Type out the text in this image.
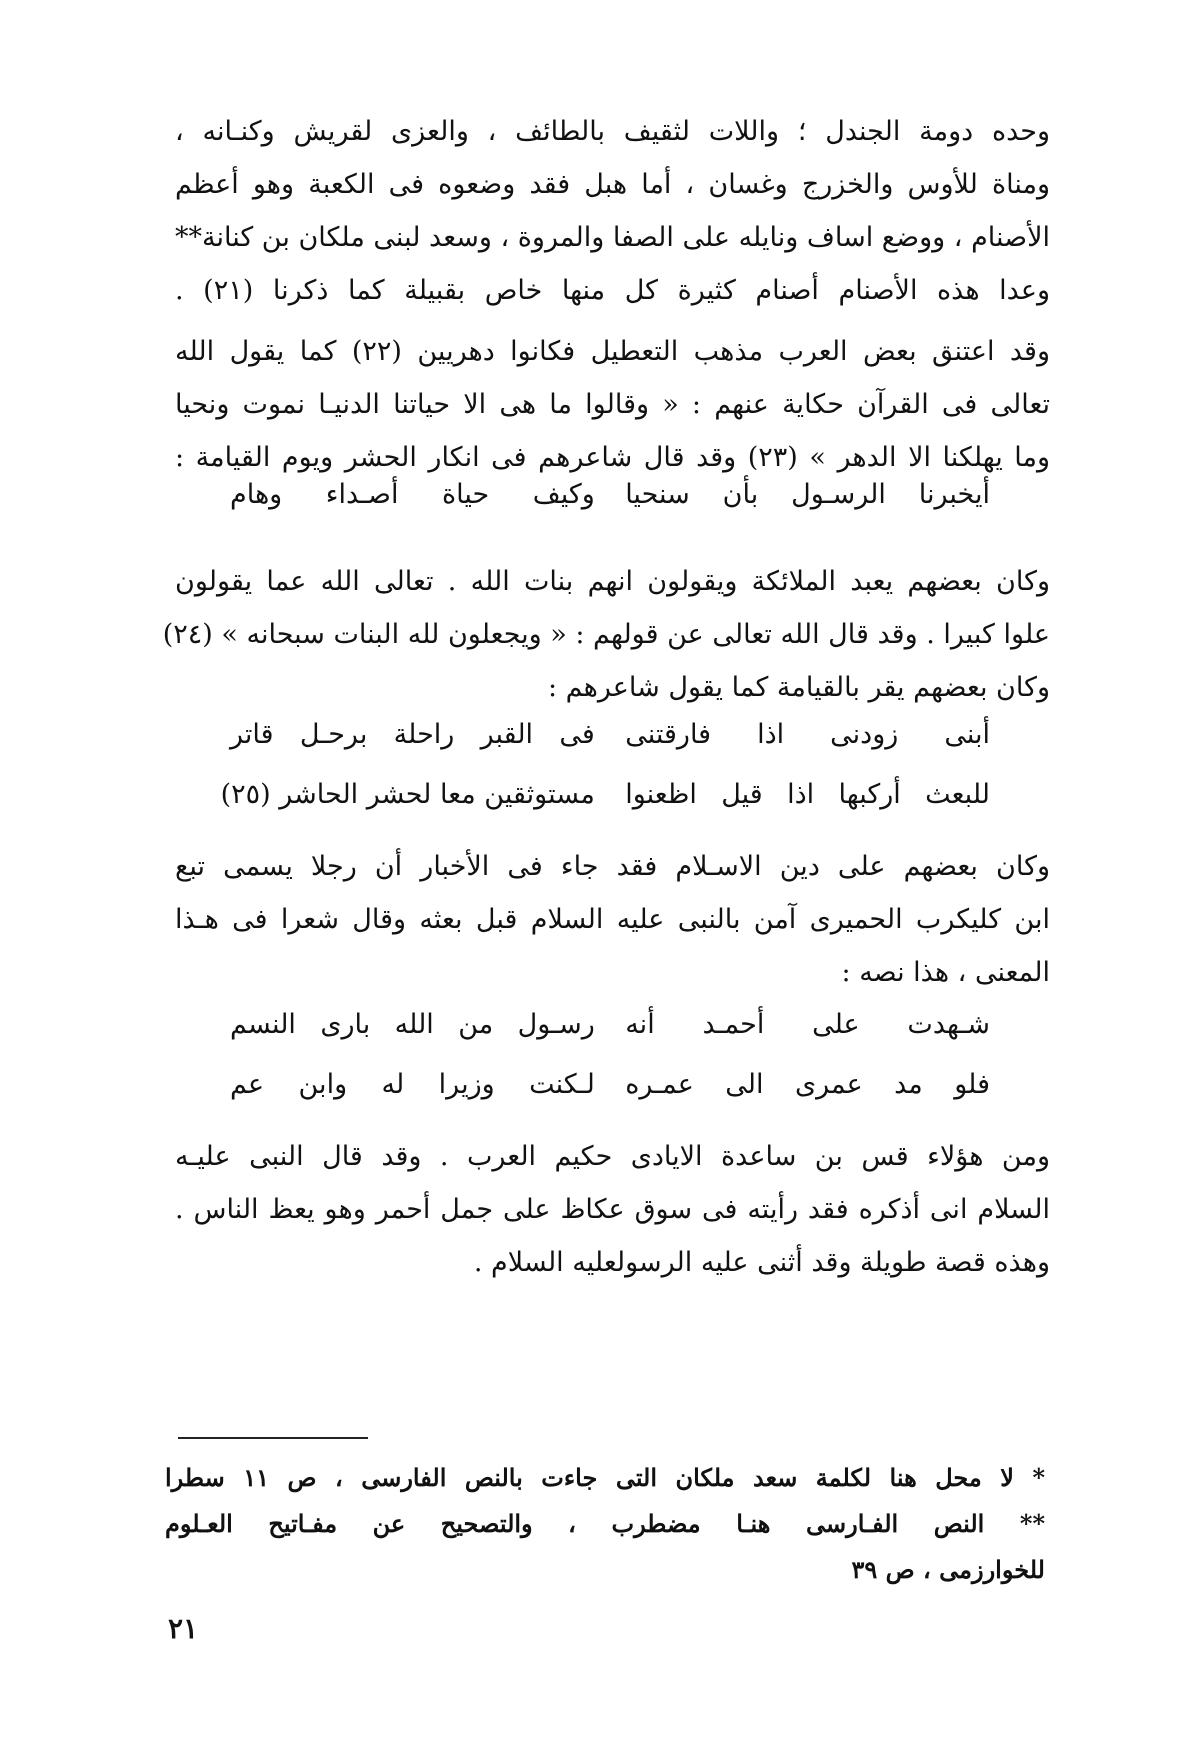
وحده دومة الجندل ؛ واللات لثقيف بالطائف ، والعزى لقريش وكنـانه ،
ومناة للأوس والخزرج وغسان ، أما هبل فقد وضعوه فى الكعبة وهو أعظم
الأصنام ، ووضع اساف ونايله على الصفا والمروة ، وسعد لبنى ملكان بن كنانة**
وعدا هذه الأصنام أصنام كثيرة كل منها خاص بقبيلة كما ذكرنا (٢١) .
وقد اعتنق بعض العرب مذهب التعطيل فكانوا دهريين (٢٢) كما يقول الله
تعالى فى القرآن حكاية عنهم : « وقالوا ما هى الا حياتنا الدنيـا نموت ونحيا
وما يهلكنا الا الدهر » (٢٣) وقد قال شاعرهم فى انكار الحشر ويوم القيامة :
أيخبرنا الرسـول بأن سنحيا
وكيف حياة أصـداء وهام
وكان بعضهم يعبد الملائكة ويقولون انهم بنات الله . تعالى الله عما يقولون
علوا كبيرا . وقد قال الله تعالى عن قولهم : « ويجعلون لله البنات سبحانه » (٢٤)
وكان بعضهم يقر بالقيامة كما يقول شاعرهم :
أبنى زودنى اذا فارقتنى
فى القبر راحلة برحـل قاتر
للبعث أركبها اذا قيل اظعنوا
مستوثقين معا لحشر الحاشر (٢٥)
وكان بعضهم على دين الاسـلام فقد جاء فى الأخبار أن رجلا يسمى تبع
ابن كليكرب الحميرى آمن بالنبى عليه السلام قبل بعثه وقال شعرا فى هـذا
المعنى ، هذا نصه :
شـهدت على أحمـد أنه
رسـول من الله بارى النسم
فلو مد عمرى الى عمـره
لـكنت وزيرا له وابن عم
ومن هؤلاء قس بن ساعدة الايادى حكيم العرب . وقد قال النبى عليـه
السلام انى أذكره فقد رأيته فى سوق عكاظ على جمل أحمر وهو يعظ الناس .
وهذه قصة طويلة وقد أثنى عليه الرسولعليه السلام .
* لا محل هنا لكلمة سعد ملكان التى جاءت بالنص الفارسى ، ص ١١ سطرا
** النص الفـارسى هنـا مضطرب ، والتصحيح عن مفـاتيح العـلوم
للخوارزمى ، ص ٣٩
٢١
